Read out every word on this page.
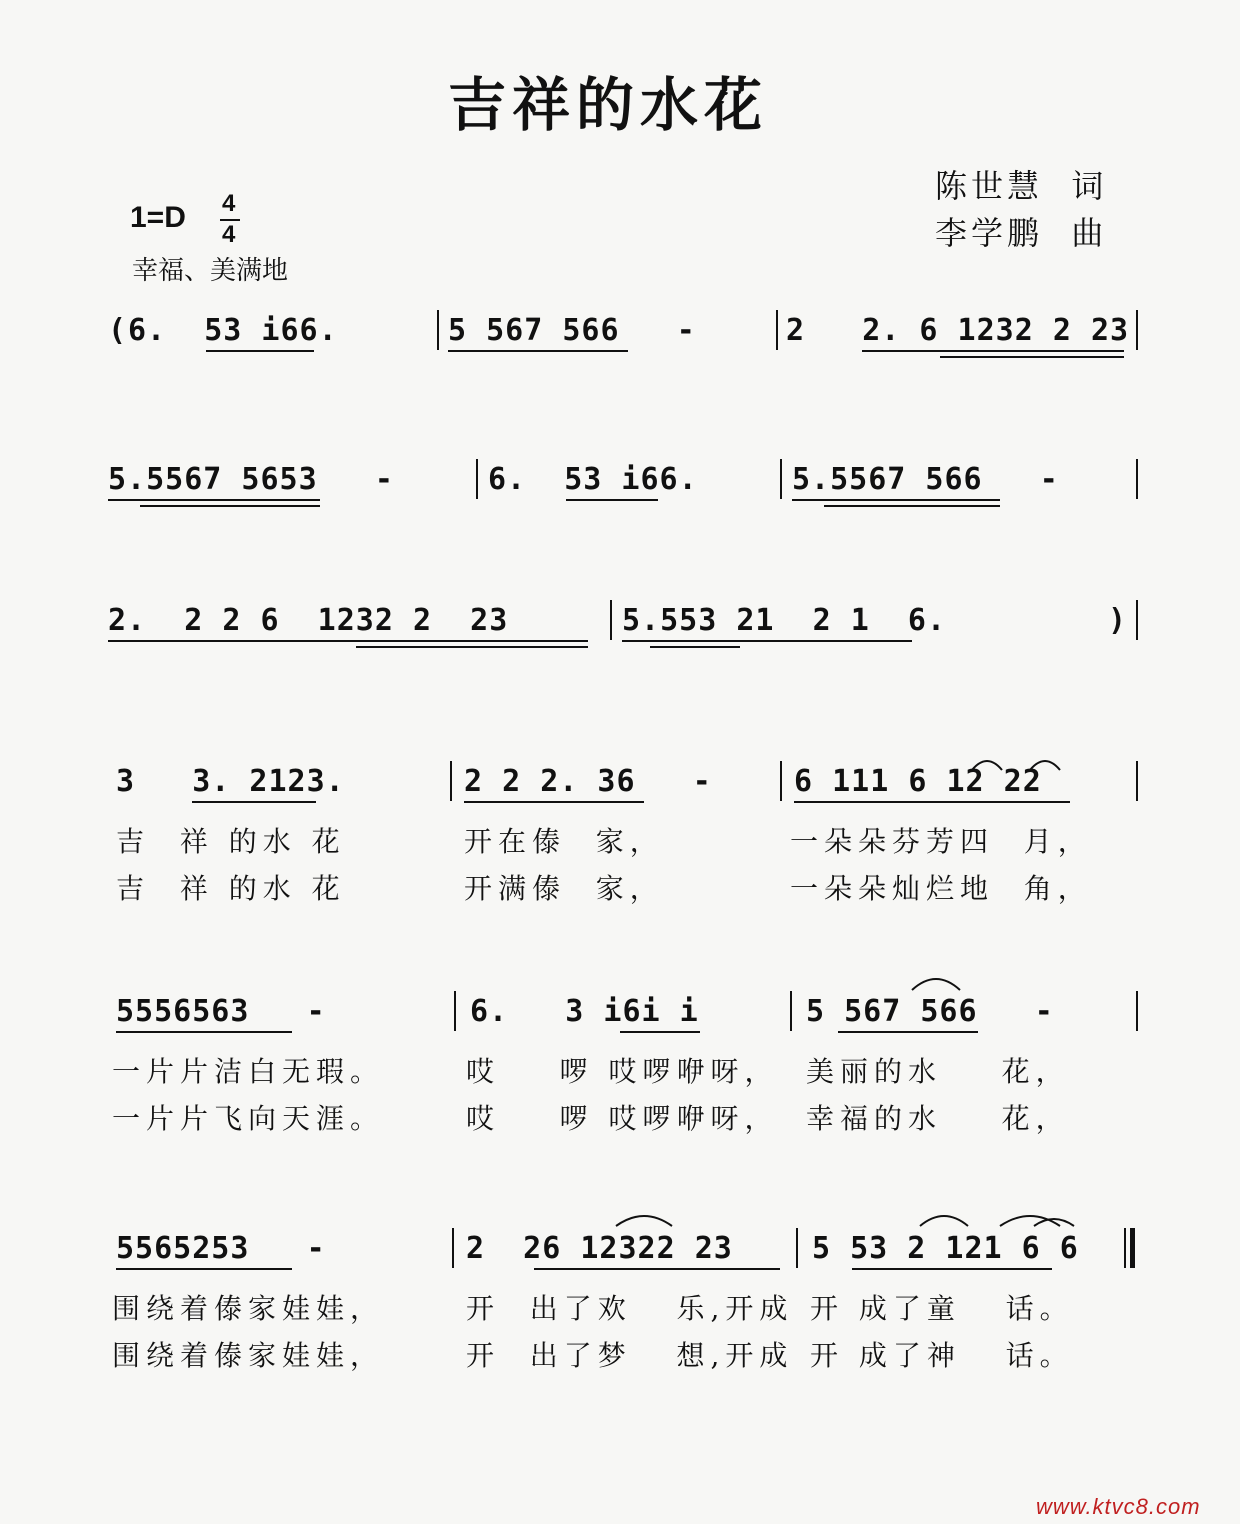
吉祥的水花
陈世慧  词
李学鹏  曲
1=D 4
4
幸福、美满地
( 6.  53 i66.	5 567 566   -	2   2. 6 1232 2 23
5.5567 5653   -	6.  53 i66.	5.5567 566   -
2.  2 2 6  1232 2  23	5.553 21  2 1  6.	)
3   3. 2123.	2 2 2. 36   -	6 111 6 12 22
吉  祥 的水 花	开在傣  家，	一朵朵芬芳四  月，
吉  祥 的水 花	开满傣  家，	一朵朵灿烂地  角，
5556563   -	6.   3 i6i i	5 567 566   -
一片片洁白无瑕。	哎    啰 哎啰咿呀， 美丽的水    花，
一片片飞向天涯。	哎    啰 哎啰咿呀， 幸福的水    花，
5565253   -	2  26 12322 23	5 53 2 121 6 6
围绕着傣家娃娃，	开  出了欢   乐,开成 开 成了童   话。
围绕着傣家娃娃，	开  出了梦   想,开成 开 成了神   话。
www.ktvc8.com
